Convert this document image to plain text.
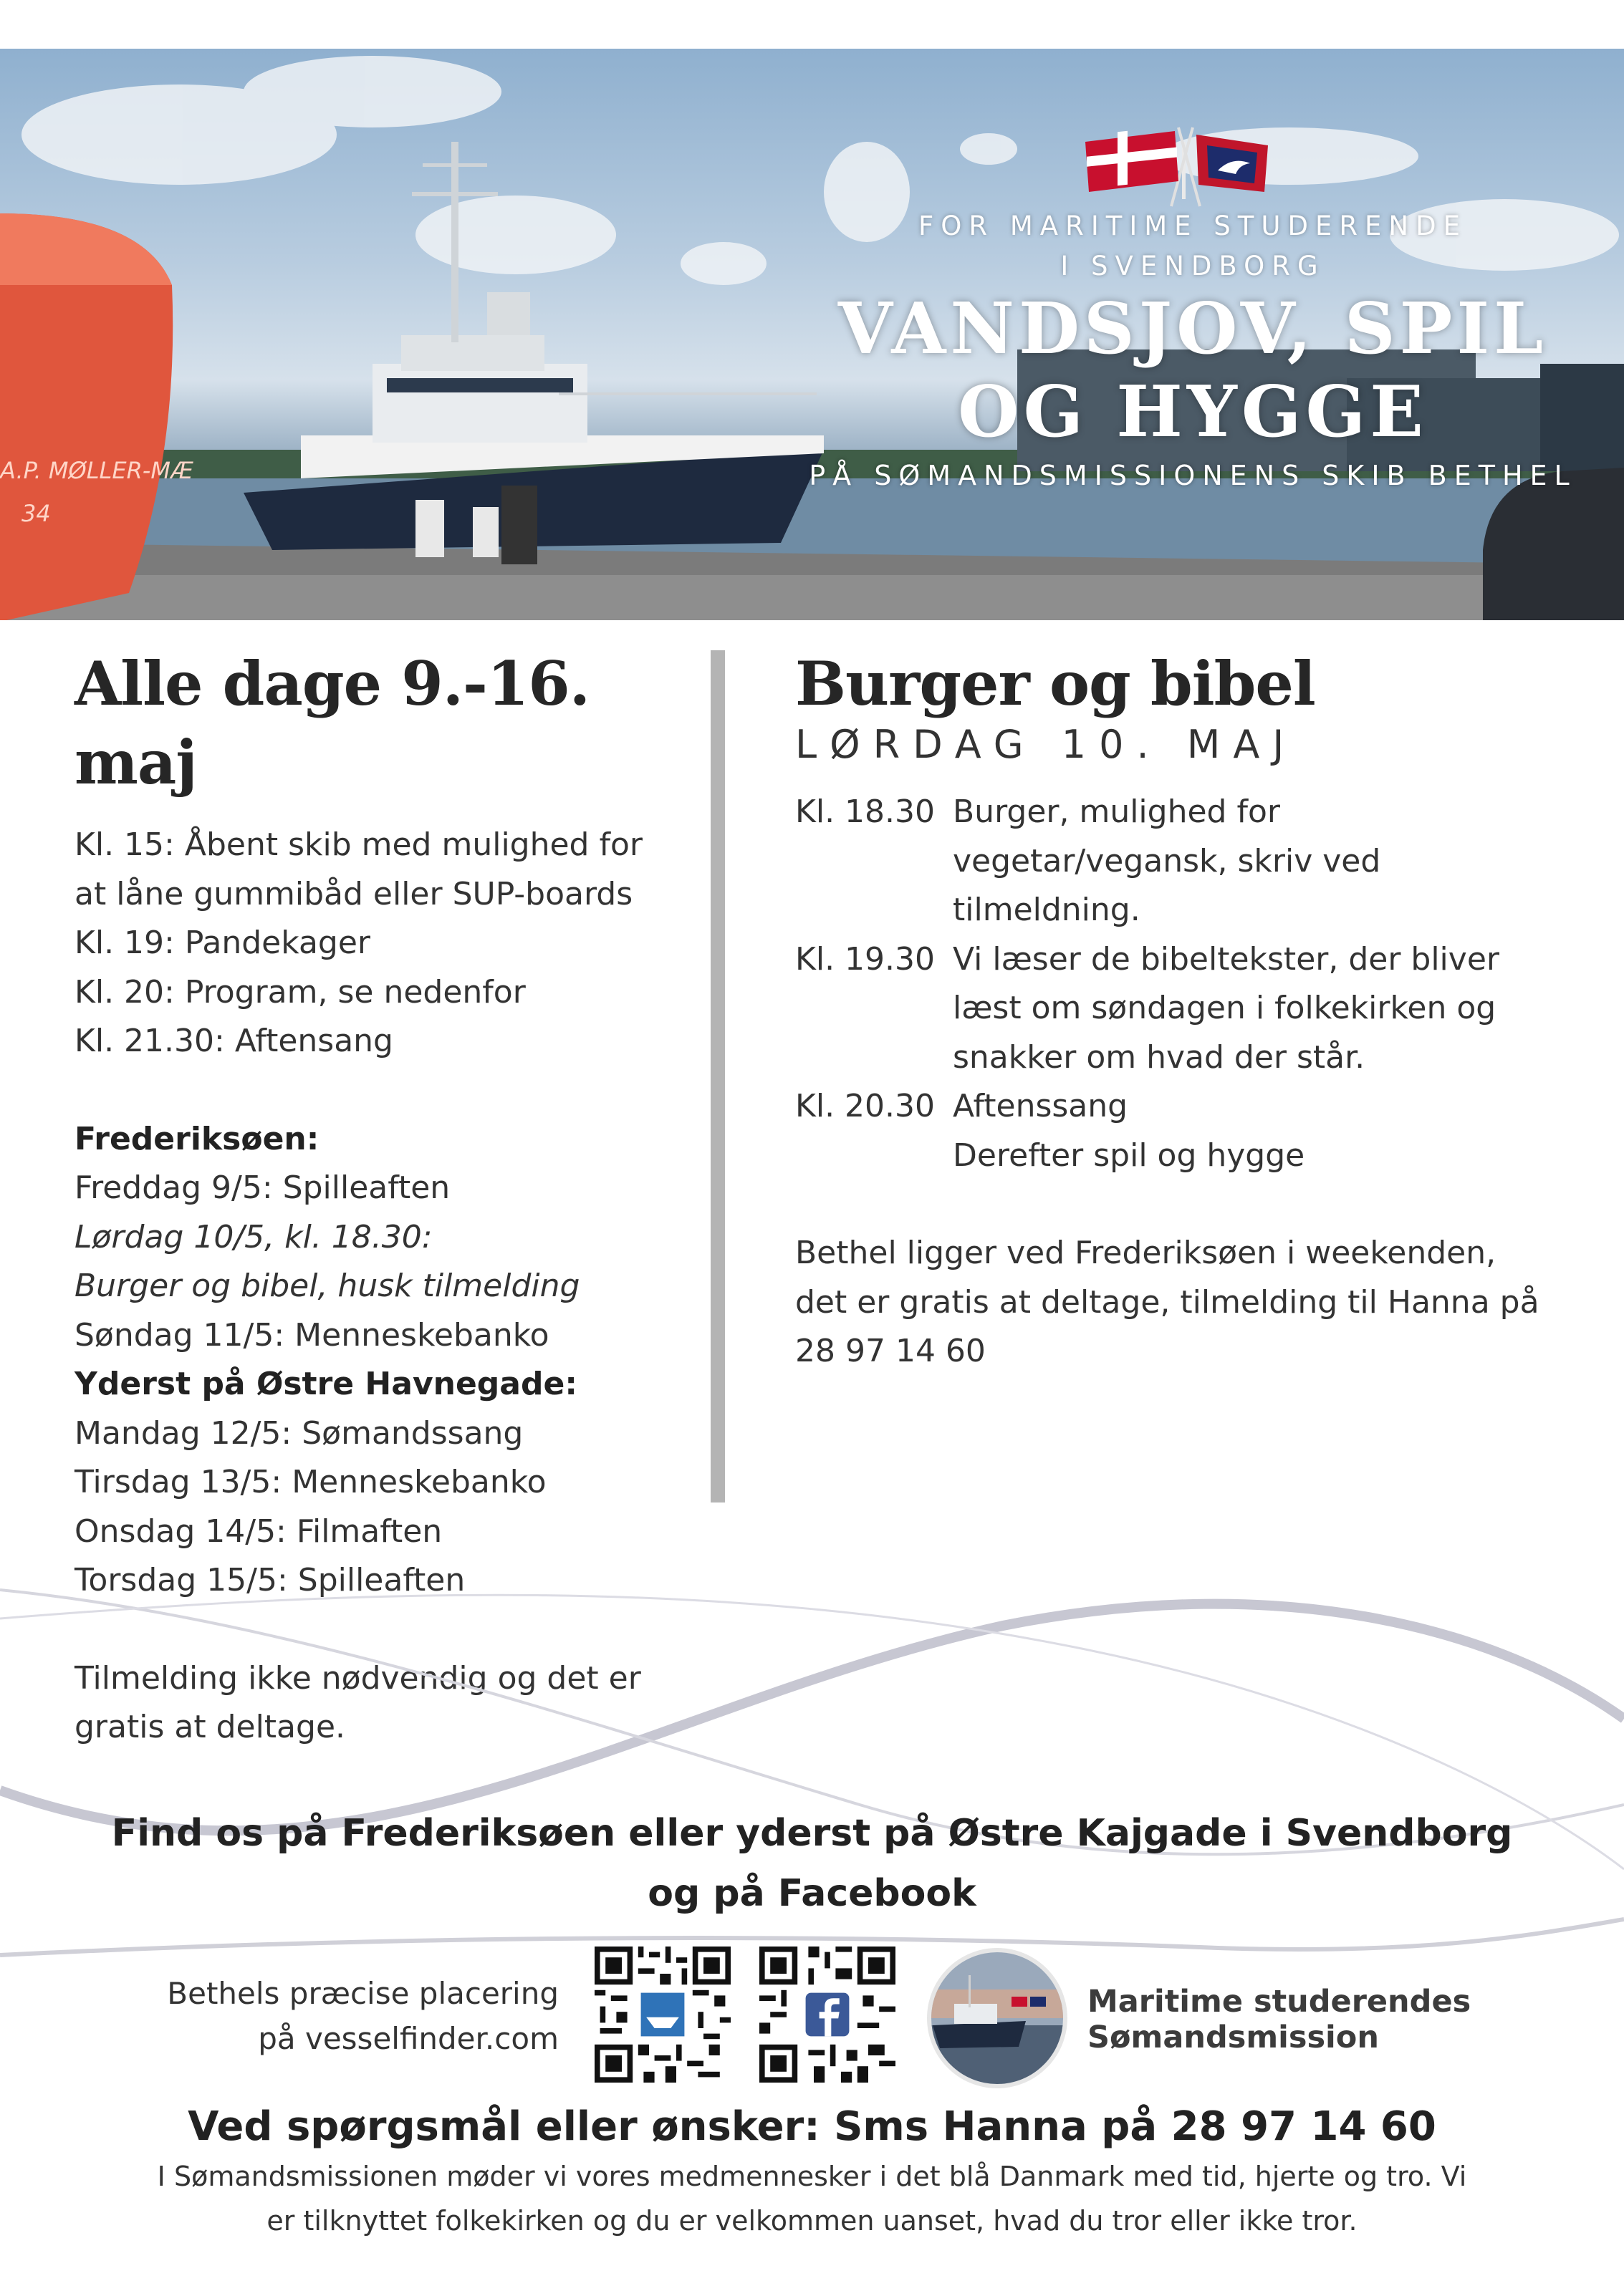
A.P. MØLLER-MÆ
34
FOR MARITIME STUDERENDE
I SVENDBORG
VANDSJOV, SPIL
OG HYGGE
PÅ SØMANDSMISSIONENS SKIB BETHEL
Alle dage 9.-16. maj
Kl. 15: Åbent skib med mulighed for
at låne gummibåd eller SUP-boards
Kl. 19: Pandekager
Kl. 20: Program, se nedenfor
Kl. 21.30: Aftensang
Frederiksøen:
Freddag 9/5: Spilleaften
Lørdag 10/5, kl. 18.30:
Burger og bibel, husk tilmelding
Søndag 11/5: Menneskebanko
Yderst på Østre Havnegade:
Mandag 12/5: Sømandssang
Tirsdag 13/5: Menneskebanko
Onsdag 14/5: Filmaften
Torsdag 15/5: Spilleaften
Tilmelding ikke nødvendig og det er
gratis at deltage.
Burger og bibel
LØRDAG 10. MAJ
Kl. 18.30 Burger, mulighed for
vegetar/vegansk, skriv ved
tilmeldning.
Kl. 19.30 Vi læser de bibeltekster, der bliver
læst om søndagen i folkekirken og
snakker om hvad der står.
Kl. 20.30 Aftenssang
Derefter spil og hygge
Bethel ligger ved Frederiksøen i weekenden,
det er gratis at deltage, tilmelding til Hanna på
28 97 14 60
Find os på Frederiksøen eller yderst på Østre Kajgade i Svendborg
og på Facebook
Bethels præcise placering
på vesselfinder.com
Maritime studerendes
Sømandsmission
Ved spørgsmål eller ønsker: Sms Hanna på 28 97 14 60
I Sømandsmissionen møder vi vores medmennesker i det blå Danmark med tid, hjerte og tro. Vi
er tilknyttet folkekirken og du er velkommen uanset, hvad du tror eller ikke tror.
